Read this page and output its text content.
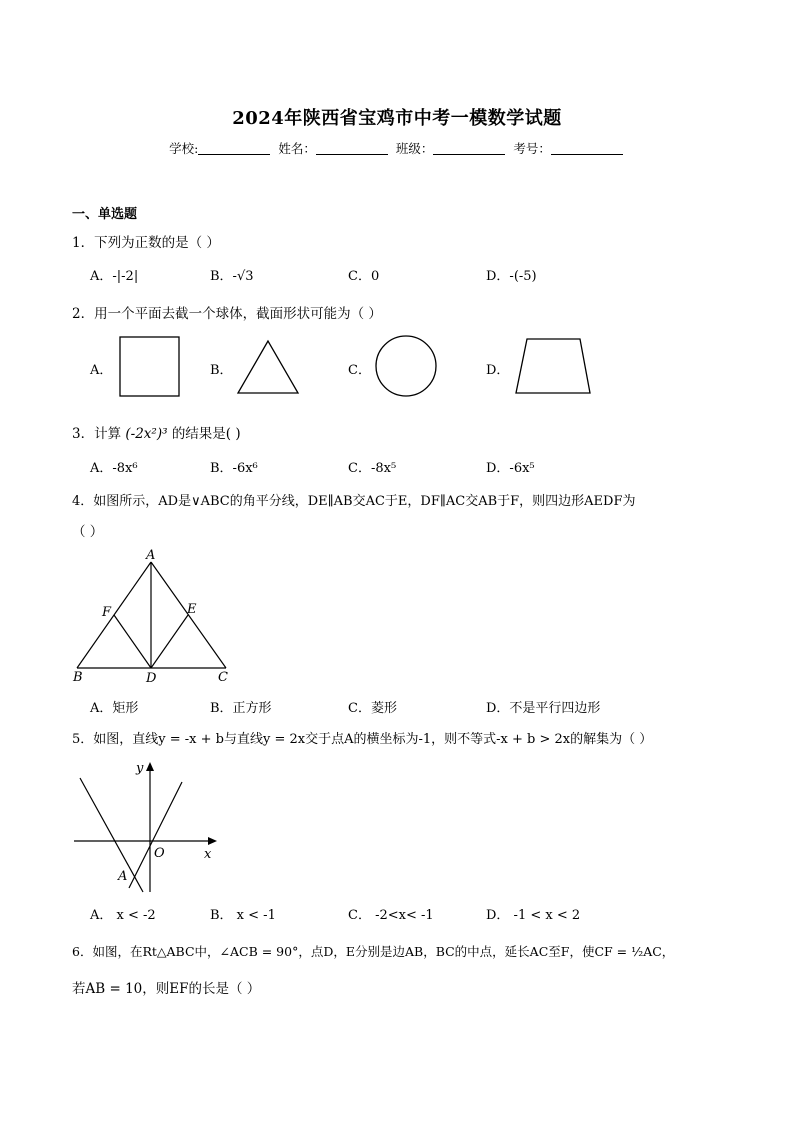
2024年陕西省宝鸡市中考一模数学试题
学校:	姓名：	班级：	考号：
一、单选题
1．下列为正数的是（ ）
A．-|-2|	B．-√3	C．0	D．-(-5)
2．用一个平面去截一个球体，截面形状可能为（ ）
A．	B．	C．	D．
3．计算 (-2x²)³ 的结果是( )
A．-8x⁶	B．-6x⁶	C．-8x⁵	D．-6x⁵
4．如图所示，AD是∨ABC的角平分线，DE∥AB交AC于E，DF∥AC交AB于F，则四边形AEDF为
（ ）
A
F	E
B	D	C
A．矩形	B．正方形	C．菱形	D．不是平行四边形
5．如图，直线y = -x + b与直线y = 2x交于点A的横坐标为-1，则不等式-x + b > 2x的解集为（ ）
y
x
O
A
A． x < -2	B． x < -1	C． -2<x< -1	D． -1 < x < 2
6．如图，在Rt△ABC中，∠ACB = 90°，点D，E分别是边AB，BC的中点，延长AC至F，使CF = ½AC，
若AB = 10，则EF的长是（ ）
